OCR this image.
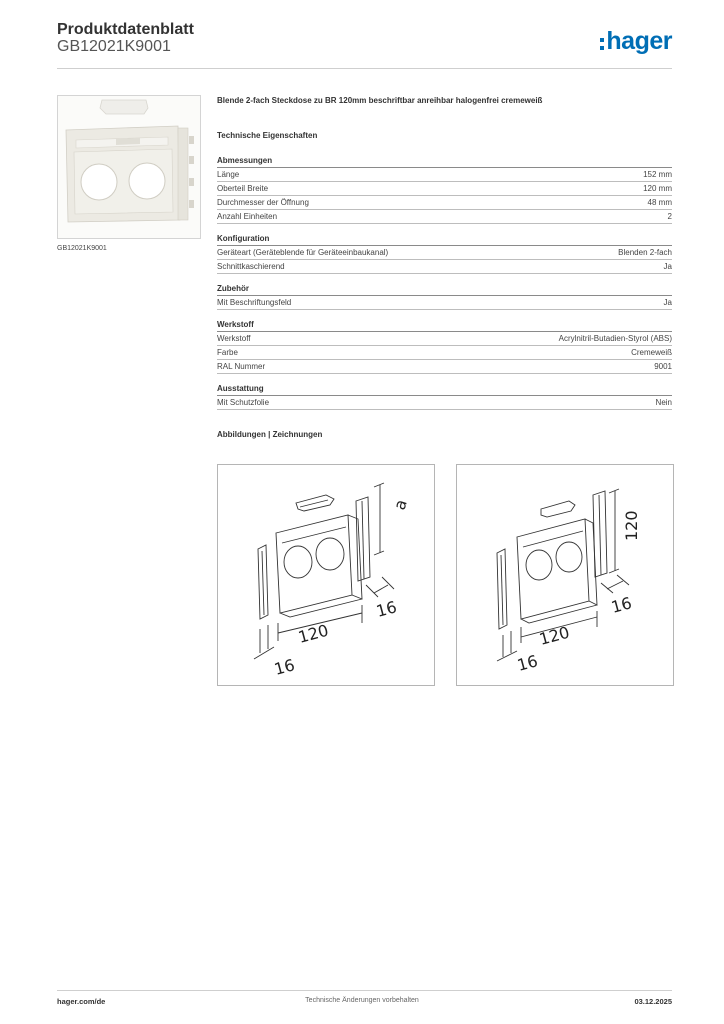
Produktdatenblatt
GB12021K9001	hager
GB12021K9001
Blende 2-fach Steckdose zu BR 120mm beschriftbar anreihbar halogenfrei cremeweiß
Technische Eigenschaften
Abmessungen
Länge	152 mm
Oberteil Breite	120 mm
Durchmesser der Öffnung	48 mm
Anzahl Einheiten	2
Konfiguration
Geräteart (Geräteblende für Geräteeinbaukanal)	Blenden 2-fach
Schnittkaschierend	Ja
Zubehör
Mit Beschriftungsfeld	Ja
Werkstoff
Werkstoff	Acrylnitril-Butadien-Styrol (ABS)
Farbe	Cremeweiß
RAL Nummer	9001
Ausstattung
Mit Schutzfolie	Nein
Abbildungen | Zeichnungen
a
120
16
16
120
120
16
16
Technische Änderungen vorbehalten
hager.com/de	03.12.2025
